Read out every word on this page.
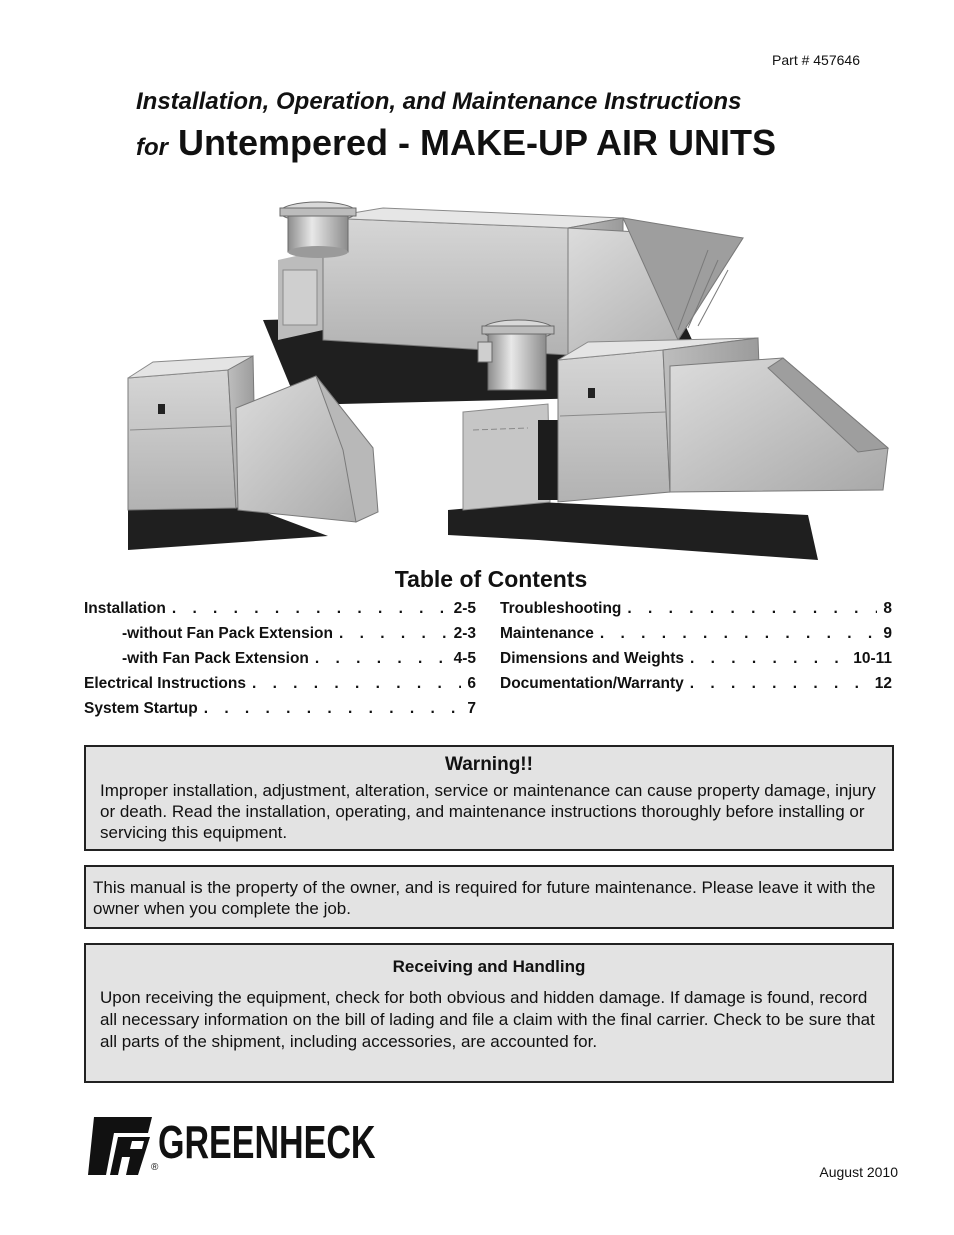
Part # 457646
Installation, Operation, and Maintenance Instructions
for Untempered - MAKE-UP AIR UNITS
Table of Contents
Installation . . .	2-5
-without Fan Pack Extension . . .	2-3
-with Fan Pack Extension . . .	4-5
Electrical Instructions . . .	6
System Startup . . .	7
Troubleshooting . . .	8
Maintenance . . .	9
Dimensions and Weights . . .	10-11
Documentation/Warranty . . .	12
Warning!!
Improper installation, adjustment, alteration, service or maintenance can cause property damage, injury or death. Read the installation, operating, and maintenance instructions thoroughly before installing or servicing this equipment.
This manual is the property of the owner, and is required for future maintenance. Please leave it with the owner when you complete the job.
Receiving and Handling
Upon receiving the equipment, check for both obvious and hidden damage. If damage is found, record all necessary information on the bill of lading and file a claim with the final carrier. Check to be sure that all parts of the shipment, including accessories, are accounted for.
GREENHECK
®	August 2010
